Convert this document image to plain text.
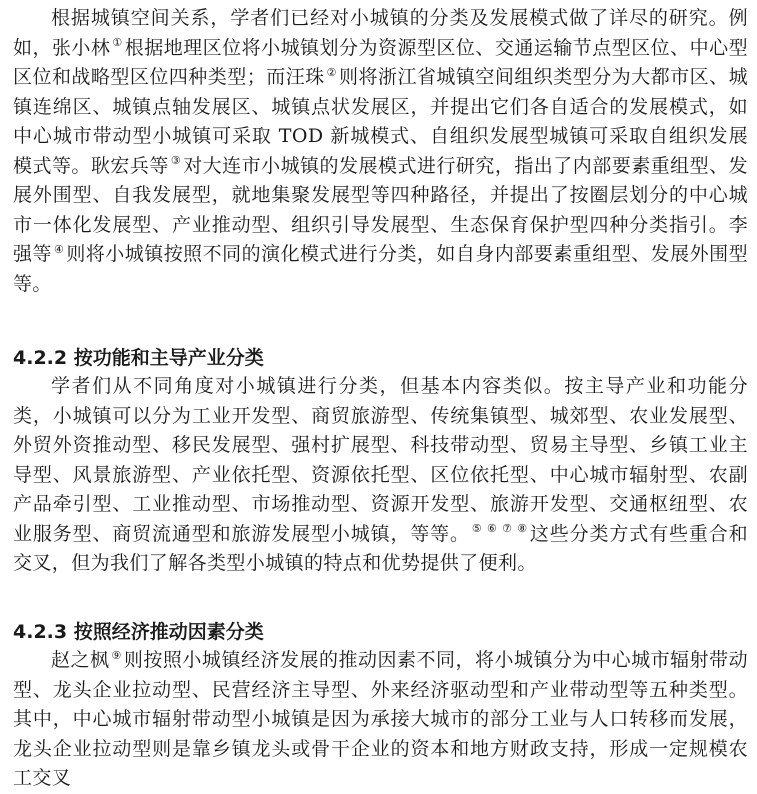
根据城镇空间关系，学者们已经对小城镇的分类及发展模式做了详尽的研究。例如，张小林 ① 根据地理区位将小城镇划分为资源型区位、交通运输节点型区位、中心型区位和战略型区位四种类型；而汪珠 ② 则将浙江省城镇空间组织类型分为大都市区、城镇连绵区、城镇点轴发展区、城镇点状发展区，并提出它们各自适合的发展模式，如中心城市带动型小城镇可采取 TOD 新城模式、自组织发展型城镇可采取自组织发展模式等。耿宏兵等 ③ 对大连市小城镇的发展模式进行研究，指出了内部要素重组型、发展外围型、自我发展型，就地集聚发展型等四种路径，并提出了按圈层划分的中心城市一体化发展型、产业推动型、组织引导发展型、生态保育保护型四种分类指引。李强等 ④ 则将小城镇按照不同的演化模式进行分类，如自身内部要素重组型、发展外围型等。

4.2.2 按功能和主导产业分类

学者们从不同角度对小城镇进行分类，但基本内容类似。按主导产业和功能分类，小城镇可以分为工业开发型、商贸旅游型、传统集镇型、城郊型、农业发展型、外贸外资推动型、移民发展型、强村扩展型、科技带动型、贸易主导型、乡镇工业主导型、风景旅游型、产业依托型、资源依托型、区位依托型、中心城市辐射型、农副产品牵引型、工业推动型、市场推动型、资源开发型、旅游开发型、交通枢纽型、农业服务型、商贸流通型和旅游发展型小城镇，等等。 ⑤ ⑥ ⑦ ⑧ 这些分类方式有些重合和交叉，但为我们了解各类型小城镇的特点和优势提供了便利。

4.2.3 按照经济推动因素分类

赵之枫 ⑨ 则按照小城镇经济发展的推动因素不同，将小城镇分为中心城市辐射带动型、龙头企业拉动型、民营经济主导型、外来经济驱动型和产业带动型等五种类型。其中，中心城市辐射带动型小城镇是因为承接大城市的部分工业与人口转移而发展，龙头企业拉动型则是靠乡镇龙头或骨干企业的资本和地方财政支持，形成一定规模农工交叉
